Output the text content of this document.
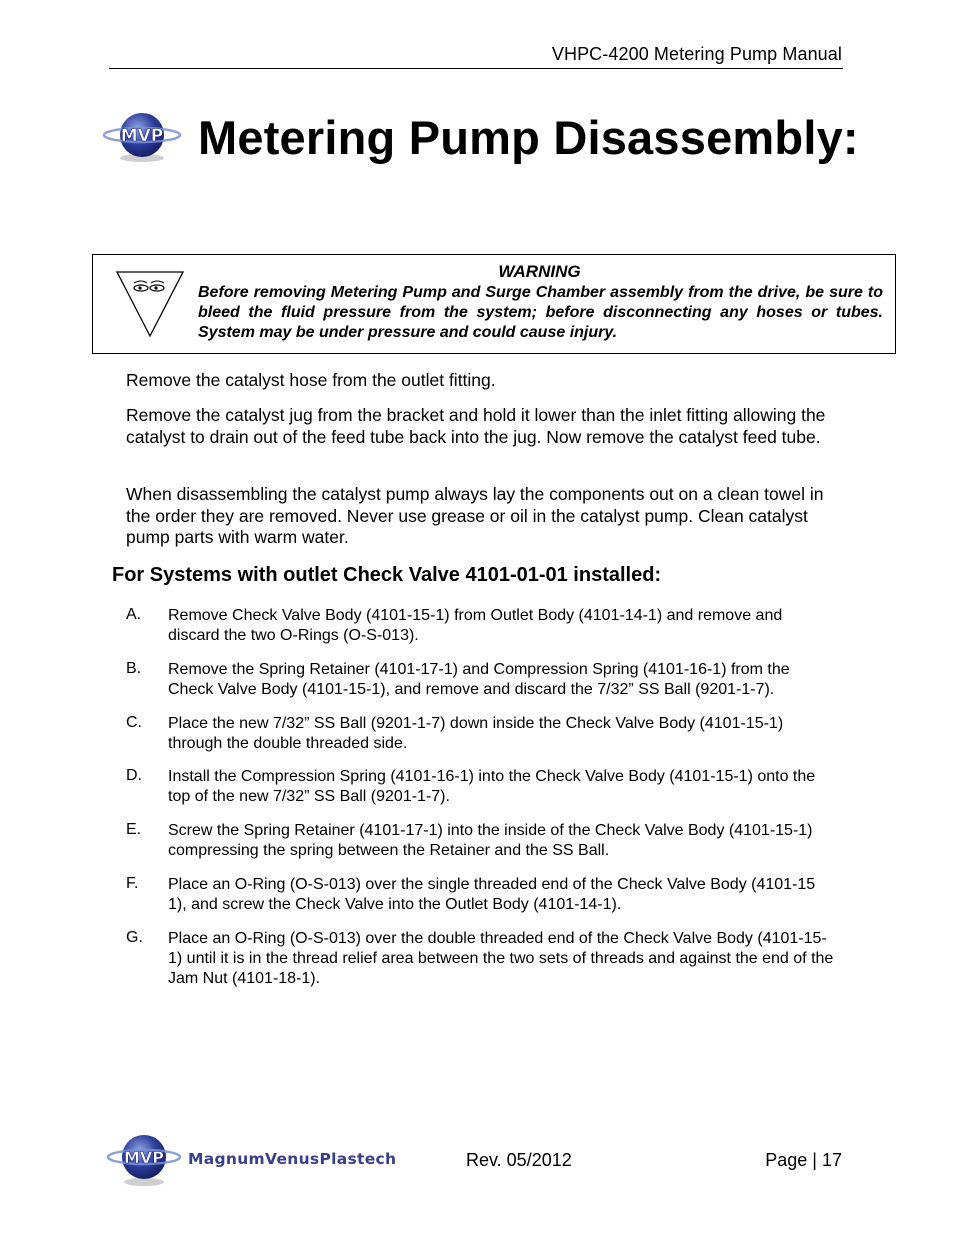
VHPC-4200 Metering Pump Manual
MVP Metering Pump Disassembly:
WARNING

Before removing Metering Pump and Surge Chamber assembly from the drive, be sure to bleed the fluid pressure from the system; before disconnecting any hoses or tubes. System may be under pressure and could cause injury.

Remove the catalyst hose from the outlet fitting.

Remove the catalyst jug from the bracket and hold it lower than the inlet fitting allowing the catalyst to drain out of the feed tube back into the jug. Now remove the catalyst feed tube.

When disassembling the catalyst pump always lay the components out on a clean towel in the order they are removed. Never use grease or oil in the catalyst pump. Clean catalyst pump parts with warm water.

For Systems with outlet Check Valve 4101-01-01 installed:
A. Remove Check Valve Body (4101-15-1) from Outlet Body (4101-14-1) and remove and discard the two O-Rings (O-S-013).

B. Remove the Spring Retainer (4101-17-1) and Compression Spring (4101-16-1) from the Check Valve Body (4101-15-1), and remove and discard the 7/32” SS Ball (9201-1-7).

C. Place the new 7/32” SS Ball (9201-1-7) down inside the Check Valve Body (4101-15-1) through the double threaded side.

D. Install the Compression Spring (4101-16-1) into the Check Valve Body (4101-15-1) onto the top of the new 7/32” SS Ball (9201-1-7).

E. Screw the Spring Retainer (4101-17-1) into the inside of the Check Valve Body (4101-15-1) compressing the spring between the Retainer and the SS Ball.

F. Place an O-Ring (O-S-013) over the single threaded end of the Check Valve Body (4101-15 1), and screw the Check Valve into the Outlet Body (4101-14-1).

G. Place an O-Ring (O-S-013) over the double threaded end of the Check Valve Body (4101-15-1) until it is in the thread relief area between the two sets of threads and against the end of the Jam Nut (4101-18-1).

MVP MagnumVenusPlastech	Rev. 05/2012	Page | 17
